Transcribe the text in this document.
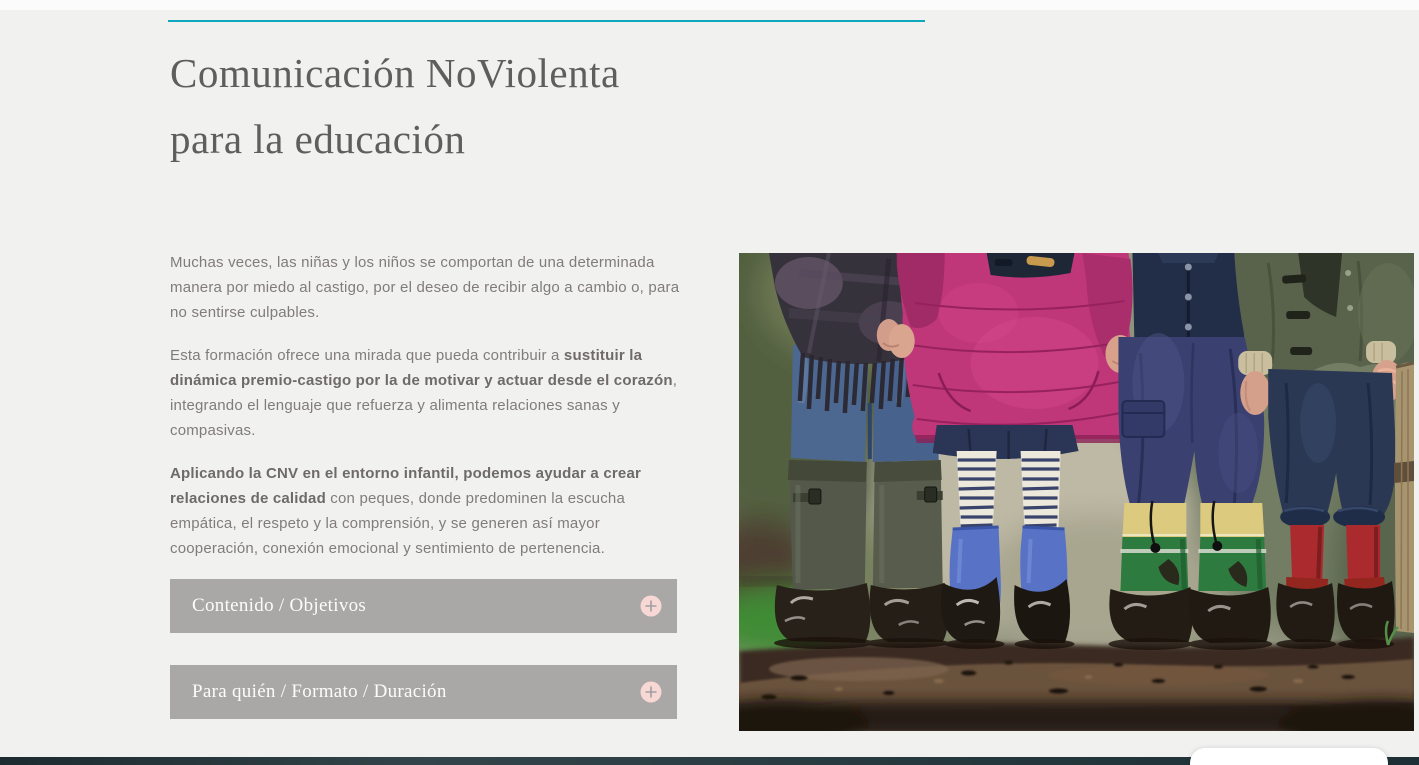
Comunicación NoViolenta
para la educación

Muchas veces, las niñas y los niños se comportan de una determinada manera por miedo al castigo, por el deseo de recibir algo a cambio o, para no sentirse culpables.

Esta formación ofrece una mirada que pueda contribuir a sustituir la dinámica premio-castigo por la de motivar y actuar desde el corazón, integrando el lenguaje que refuerza y alimenta relaciones sanas y compasivas.

Aplicando la CNV en el entorno infantil, podemos ayudar a crear relaciones de calidad con peques, donde predominen la escucha empática, el respeto y la comprensión, y se generen así mayor cooperación, conexión emocional y sentimiento de pertenencia.

Contenido / Objetivos
Para quién / Formato / Duración
